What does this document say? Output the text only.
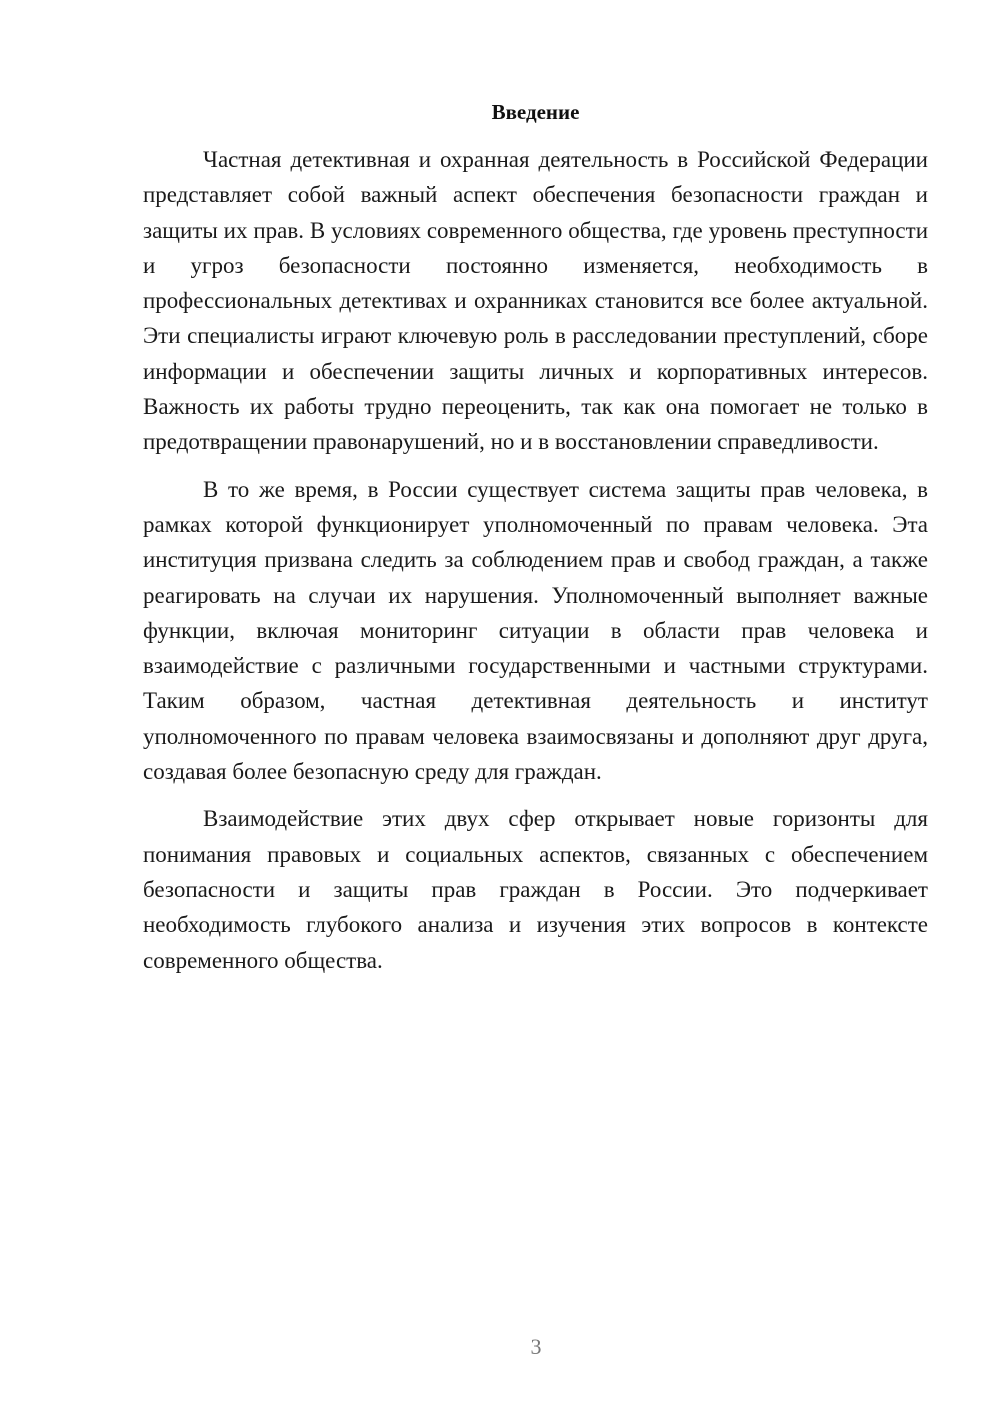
Введение

Частная детективная и охранная деятельность в Российской Федерации представляет собой важный аспект обеспечения безопасности граждан и защиты их прав. В условиях современного общества, где уровень преступности и угроз безопасности постоянно изменяется, необходимость в профессиональных детективах и охранниках становится все более актуальной. Эти специалисты играют ключевую роль в расследовании преступлений, сборе информации и обеспечении защиты личных и корпоративных интересов. Важность их работы трудно переоценить, так как она помогает не только в предотвращении правонарушений, но и в восстановлении справедливости.

В то же время, в России существует система защиты прав человека, в рамках которой функционирует уполномоченный по правам человека. Эта институция призвана следить за соблюдением прав и свобод граждан, а также реагировать на случаи их нарушения. Уполномоченный выполняет важные функции, включая мониторинг ситуации в области прав человека и взаимодействие с различными государственными и частными структурами. Таким образом, частная детективная деятельность и институт уполномоченного по правам человека взаимосвязаны и дополняют друг друга, создавая более безопасную среду для граждан.

Взаимодействие этих двух сфер открывает новые горизонты для понимания правовых и социальных аспектов, связанных с обеспечением безопасности и защиты прав граждан в России. Это подчеркивает необходимость глубокого анализа и изучения этих вопросов в контексте современного общества.

3
